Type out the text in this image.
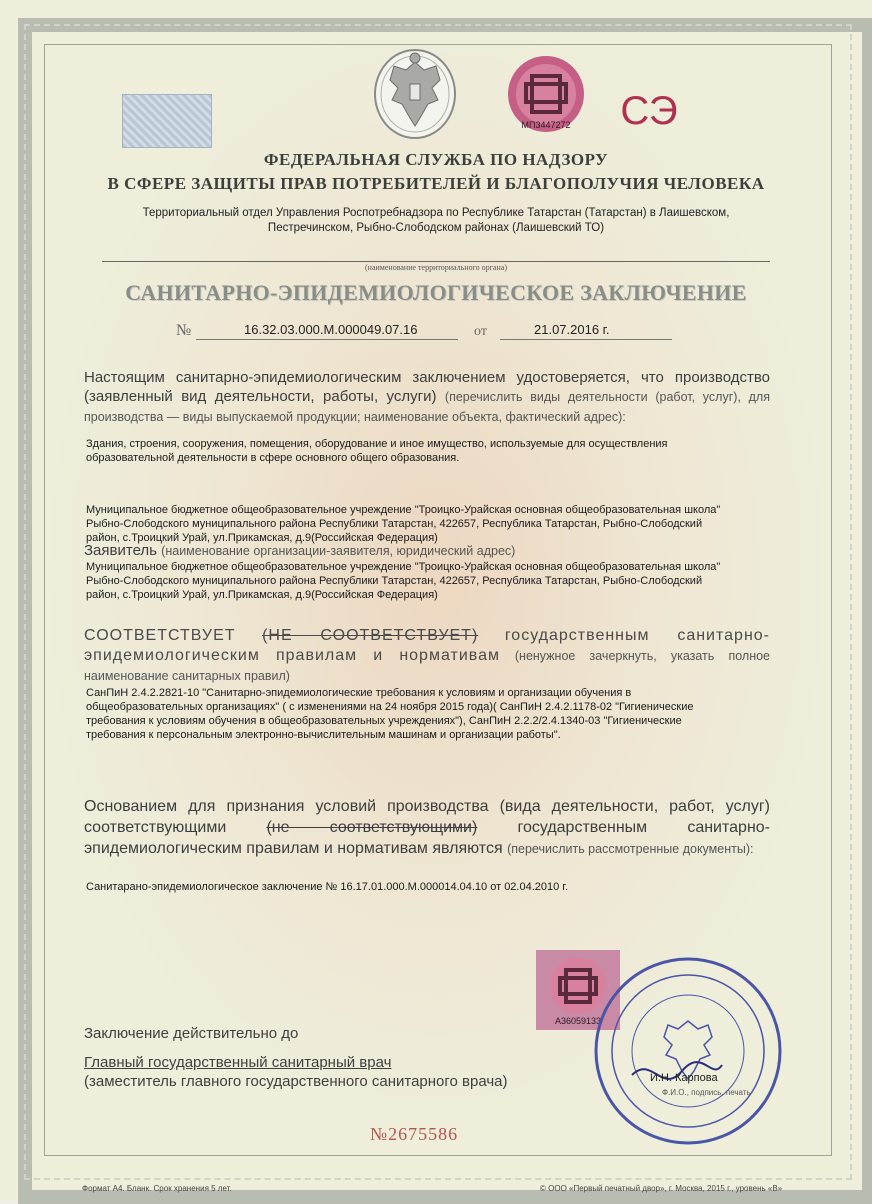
МП3447272 СЭ
ФЕДЕРАЛЬНАЯ СЛУЖБА ПО НАДЗОРУ
В СФЕРЕ ЗАЩИТЫ ПРАВ ПОТРЕБИТЕЛЕЙ И БЛАГОПОЛУЧИЯ ЧЕЛОВЕКА
Территориальный отдел Управления Роспотребнадзора по Республике Татарстан (Татарстан) в Лаишевском,
Пестречинском, Рыбно-Слободском районах (Лаишевский ТО)
(наименование территориального органа)
САНИТАРНО-ЭПИДЕМИОЛОГИЧЕСКОЕ ЗАКЛЮЧЕНИЕ
№	16.32.03.000.М.000049.07.16	от	21.07.2016 г.
Настоящим санитарно-эпидемиологическим заключением удостоверяется, что производство (заявленный вид деятельности, работы, услуги) (перечислить виды деятельности (работ, услуг), для производства — виды выпускаемой продукции; наименование объекта, фактический адрес):
Здания, строения, сооружения, помещения, оборудование и иное имущество, используемые для осуществления
образовательной деятельности в сфере основного общего образования.
Муниципальное бюджетное общеобразовательное учреждение "Троицко-Урайская основная общеобразовательная школа"
Рыбно-Слободского муниципального района Республики Татарстан, 422657, Республика Татарстан, Рыбно-Слободский
район, с.Троицкий Урай, ул.Прикамская, д.9(Российская Федерация)
Заявитель (наименование организации-заявителя, юридический адрес)
Муниципальное бюджетное общеобразовательное учреждение "Троицко-Урайская основная общеобразовательная школа"
Рыбно-Слободского муниципального района Республики Татарстан, 422657, Республика Татарстан, Рыбно-Слободский
район, с.Троицкий Урай, ул.Прикамская, д.9(Российская Федерация)
СООТВЕТСТВУЕТ (НЕ СООТВЕТСТВУЕТ) государственным санитарно- эпидемиологическим правилам и нормативам (ненужное зачеркнуть, указать полное наименование санитарных правил)
СанПиН 2.4.2.2821-10 "Санитарно-эпидемиологические требования к условиям и организации обучения в
общеобразовательных организациях" ( с изменениями на 24 ноября 2015 года)( СанПиН 2.4.2.1178-02 "Гигиенические
требования к условиям обучения в общеобразовательных учреждениях"), СанПиН 2.2.2/2.4.1340-03 "Гигиенические
требования к персональным электронно-вычислительным машинам и организации работы".
Основанием для признания условий производства (вида деятельности, работ, услуг) соответствующими	(не соответствующими)	государственным санитарно-эпидемиологическим правилам и нормативам являются (перечислить рассмотренные документы):
Санитарано-эпидемиологическое заключение № 16.17.01.000.М.000014.04.10 от 02.04.2010 г.
А36059133
Заключение действительно до
Главный государственный санитарный врач
(заместитель главного государственного санитарного врача)	И.Н. Карпова
Ф.И.О., подпись, печать
№2675586
Формат А4. Бланк. Срок хранения 5 лет.	© ООО «Первый печатный двор», г. Москва, 2015 г., уровень «В»
